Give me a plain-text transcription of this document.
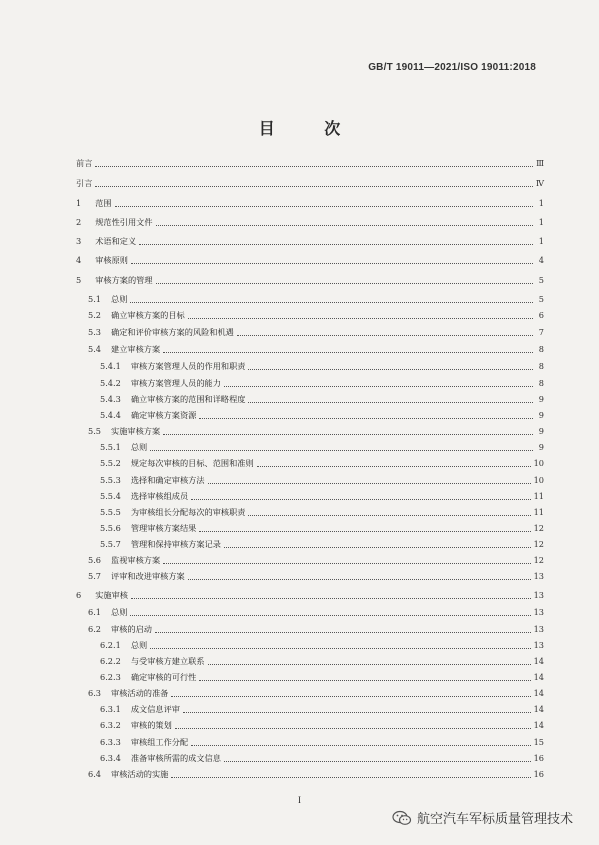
GB/T 19011—2021/ISO 19011:2018
目 次
前言	Ⅲ
引言	Ⅳ
1 范围	1
2 规范性引用文件	1
3 术语和定义	1
4 审核原则	4
5 审核方案的管理	5
5.1 总则	5
5.2 确立审核方案的目标	6
5.3 确定和评价审核方案的风险和机遇	7
5.4 建立审核方案	8
5.4.1 审核方案管理人员的作用和职责	8
5.4.2 审核方案管理人员的能力	8
5.4.3 确立审核方案的范围和详略程度	9
5.4.4 确定审核方案资源	9
5.5 实施审核方案	9
5.5.1 总则	9
5.5.2 规定每次审核的目标、范围和准则	10
5.5.3 选择和确定审核方法	10
5.5.4 选择审核组成员	11
5.5.5 为审核组长分配每次的审核职责	11
5.5.6 管理审核方案结果	12
5.5.7 管理和保持审核方案记录	12
5.6 监视审核方案	12
5.7 评审和改进审核方案	13
6 实施审核	13
6.1 总则	13
6.2 审核的启动	13
6.2.1 总则	13
6.2.2 与受审核方建立联系	14
6.2.3 确定审核的可行性	14
6.3 审核活动的准备	14
6.3.1 成文信息评审	14
6.3.2 审核的策划	14
6.3.3 审核组工作分配	15
6.3.4 准备审核所需的成文信息	16
6.4 审核活动的实施	16
I
航空汽车军标质量管理技术
